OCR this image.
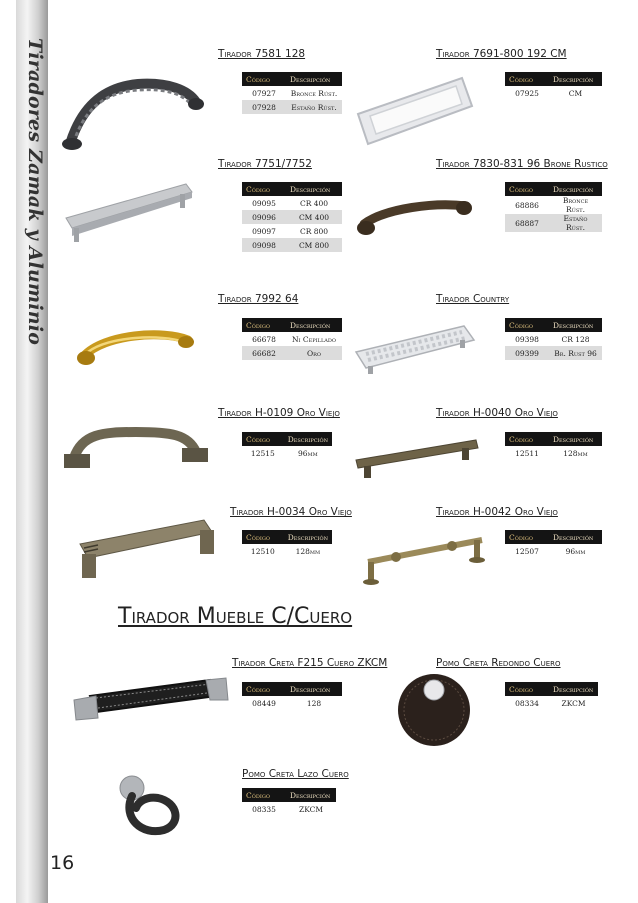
Tiradores Zamak y Aluminio	Tirador 7581 128	Tirador 7691-800 192 CM
Tirador 7751/7752	Tirador 7830-831 96 Brone Rustico
Tirador 7992 64	Tirador Country
Tirador H-0109 Oro Viejo	Tirador H-0040 Oro Viejo
Tirador H-0034 Oro Viejo	Tirador H-0042 Oro Viejo
Tirador Mueble C/Cuero
Tirador Creta F215 Cuero ZKCM	Pomo Creta Redondo Cuero
Pomo Creta Lazo Cuero
Código	Descripción
07927	Bronce Rúst.
07928	Estaño Rúst.
Código	Descripción
07925	CM
Código	Descripción
09095	CR 400
09096	CM 400
09097	CR 800
09098	CM 800
Código	Descripción
68886	Bronce Rúst.
68887	Estaño Rúst.
Código	Descripción
66678	Ni Cepillado
66682	Oro
Código	Descripción
09398	CR 128
09399	Br. Rust 96
Código	Descripción
12515	96mm
Código	Descripción
12511	128mm
Código	Descripción
12510	128mm
Código	Descripción
12507	96mm
Código	Descripción
08449	128
Código	Descripción
08334	ZKCM
Código	Descripción
08335	ZKCM
16
